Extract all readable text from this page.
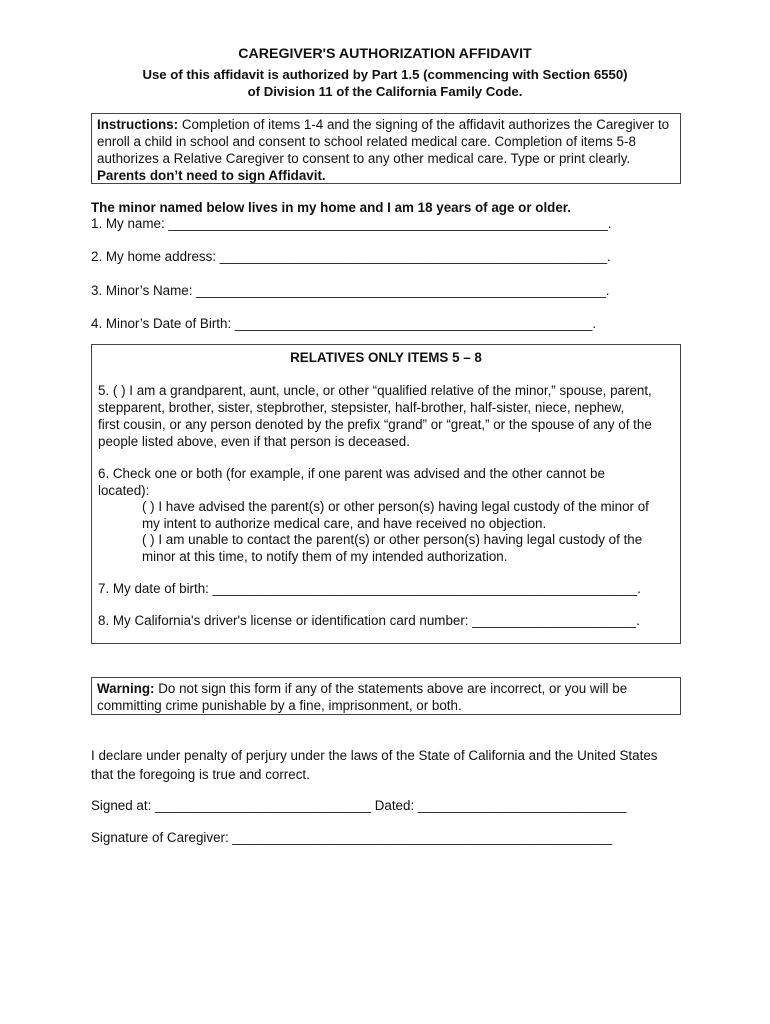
CAREGIVER'S AUTHORIZATION AFFIDAVIT
Use of this affidavit is authorized by Part 1.5 (commencing with Section 6550)
of Division 11 of the California Family Code.

Instructions: Completion of items 1-4 and the signing of the affidavit authorizes the Caregiver to enroll a child in school and consent to school related medical care. Completion of items 5-8 authorizes a Relative Caregiver to consent to any other medical care. Type or print clearly.

Parents don’t need to sign Affidavit.

The minor named below lives in my home and I am 18 years of age or older.
1. My name: ___________________________________________________________.
2. My home address: ____________________________________________________.
3. Minor’s Name: _______________________________________________________.
4. Minor’s Date of Birth: ________________________________________________.
RELATIVES ONLY ITEMS 5 – 8
5. ( ) I am a grandparent, aunt, uncle, or other “qualified relative of the minor,” spouse, parent,
stepparent, brother, sister, stepbrother, stepsister, half-brother, half-sister, niece, nephew,
first cousin, or any person denoted by the prefix “grand” or “great,” or the spouse of any of the
people listed above, even if that person is deceased.
6. Check one or both (for example, if one parent was advised and the other cannot be
located):
( ) I have advised the parent(s) or other person(s) having legal custody of the minor of
my intent to authorize medical care, and have received no objection.
( ) I am unable to contact the parent(s) or other person(s) having legal custody of the
minor at this time, to notify them of my intended authorization.
7. My date of birth: _________________________________________________________.
8. My California's driver's license or identification card number: ______________________.

Warning: Do not sign this form if any of the statements above are incorrect, or you will be committing crime punishable by a fine, imprisonment, or both.

I declare under penalty of perjury under the laws of the State of California and the United States
that the foregoing is true and correct.
Signed at: _____________________________ Dated: ____________________________
Signature of Caregiver: ___________________________________________________
